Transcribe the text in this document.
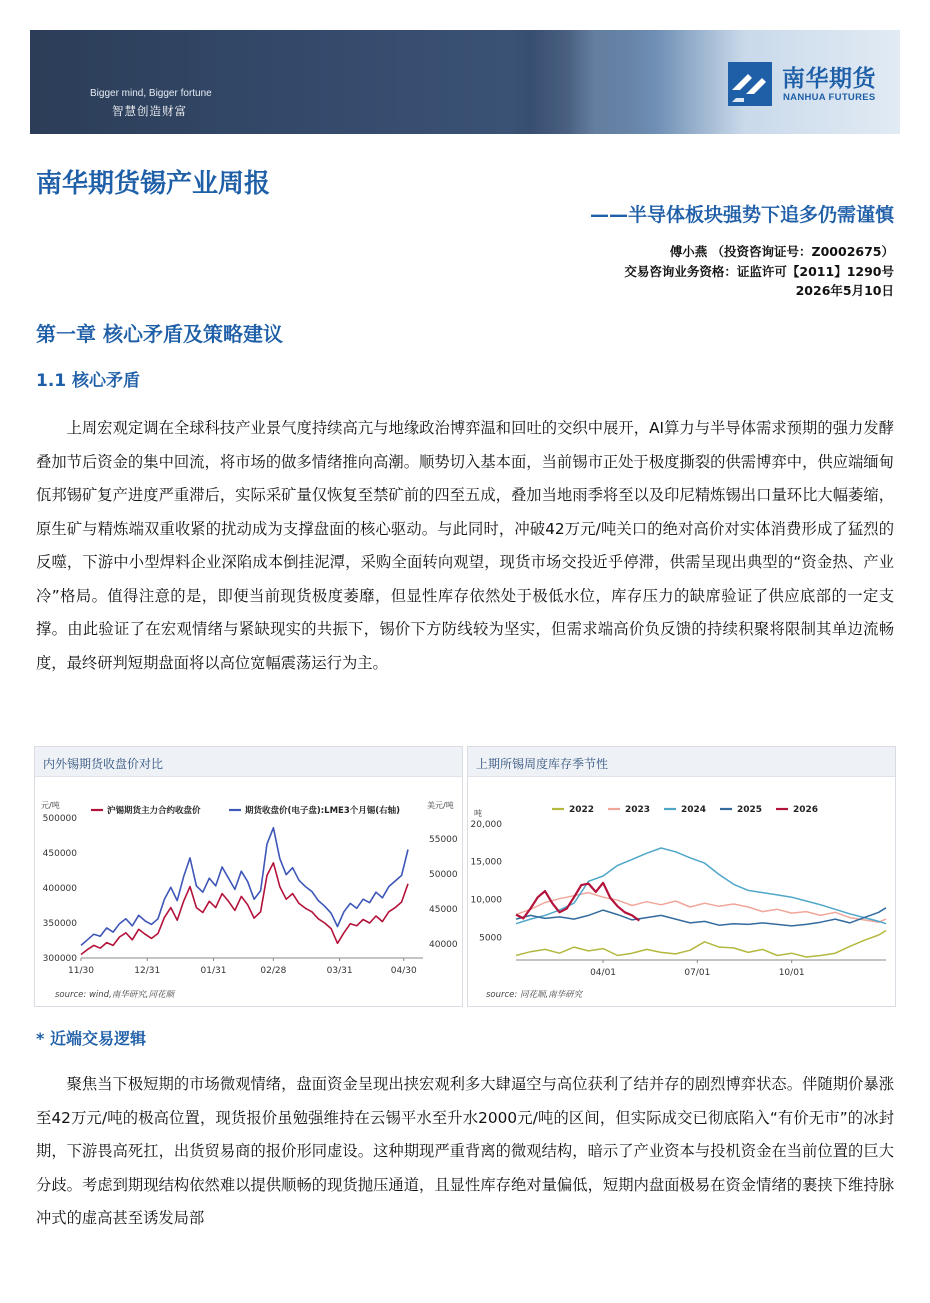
Bigger mind, Bigger fortune
智慧创造财富
南华期货
NANHUA FUTURES
南华期货锡产业周报
——半导体板块强势下追多仍需谨慎
傅小燕 （投资咨询证号：Z0002675）
交易咨询业务资格：证监许可【2011】1290号
2026年5月10日
第一章 核心矛盾及策略建议
1.1 核心矛盾
上周宏观定调在全球科技产业景气度持续高亢与地缘政治博弈温和回吐的交织中展开，AI算力与半导体需求预期的强力发酵叠加节后资金的集中回流，将市场的做多情绪推向高潮。顺势切入基本面，当前锡市正处于极度撕裂的供需博弈中，供应端缅甸佤邦锡矿复产进度严重滞后，实际采矿量仅恢复至禁矿前的四至五成，叠加当地雨季将至以及印尼精炼锡出口量环比大幅萎缩，原生矿与精炼端双重收紧的扰动成为支撑盘面的核心驱动。与此同时，冲破42万元/吨关口的绝对高价对实体消费形成了猛烈的反噬，下游中小型焊料企业深陷成本倒挂泥潭，采购全面转向观望，现货市场交投近乎停滞，供需呈现出典型的“资金热、产业冷”格局。值得注意的是，即便当前现货极度萎靡，但显性库存依然处于极低水位，库存压力的缺席验证了供应底部的一定支撑。由此验证了在宏观情绪与紧缺现实的共振下，锡价下方防线较为坚实，但需求端高价负反馈的持续积聚将限制其单边流畅度，最终研判短期盘面将以高位宽幅震荡运行为主。
内外锡期货收盘价对比
元/吨	美元/吨
300000
350000
400000
450000
500000
40000
45000
50000
55000
11/30	12/31	01/31	02/28	03/31	04/30
沪锡期货主力合约收盘价	期货收盘价(电子盘):LME3个月锡(右轴)
source: wind,南华研究,同花顺
上期所锡周度库存季节性
吨
5000
10,000
15,000
20,000
04/01	07/01	10/01
2022	2023	2024	2025	2026
source: 同花顺,南华研究
* 近端交易逻辑
聚焦当下极短期的市场微观情绪，盘面资金呈现出挟宏观利多大肆逼空与高位获利了结并存的剧烈博弈状态。伴随期价暴涨至42万元/吨的极高位置，现货报价虽勉强维持在云锡平水至升水2000元/吨的区间，但实际成交已彻底陷入“有价无市”的冰封期，下游畏高死扛，出货贸易商的报价形同虚设。这种期现严重背离的微观结构，暗示了产业资本与投机资金在当前位置的巨大分歧。考虑到期现结构依然难以提供顺畅的现货抛压通道，且显性库存绝对量偏低，短期内盘面极易在资金情绪的裹挟下维持脉冲式的虚高甚至诱发局部
